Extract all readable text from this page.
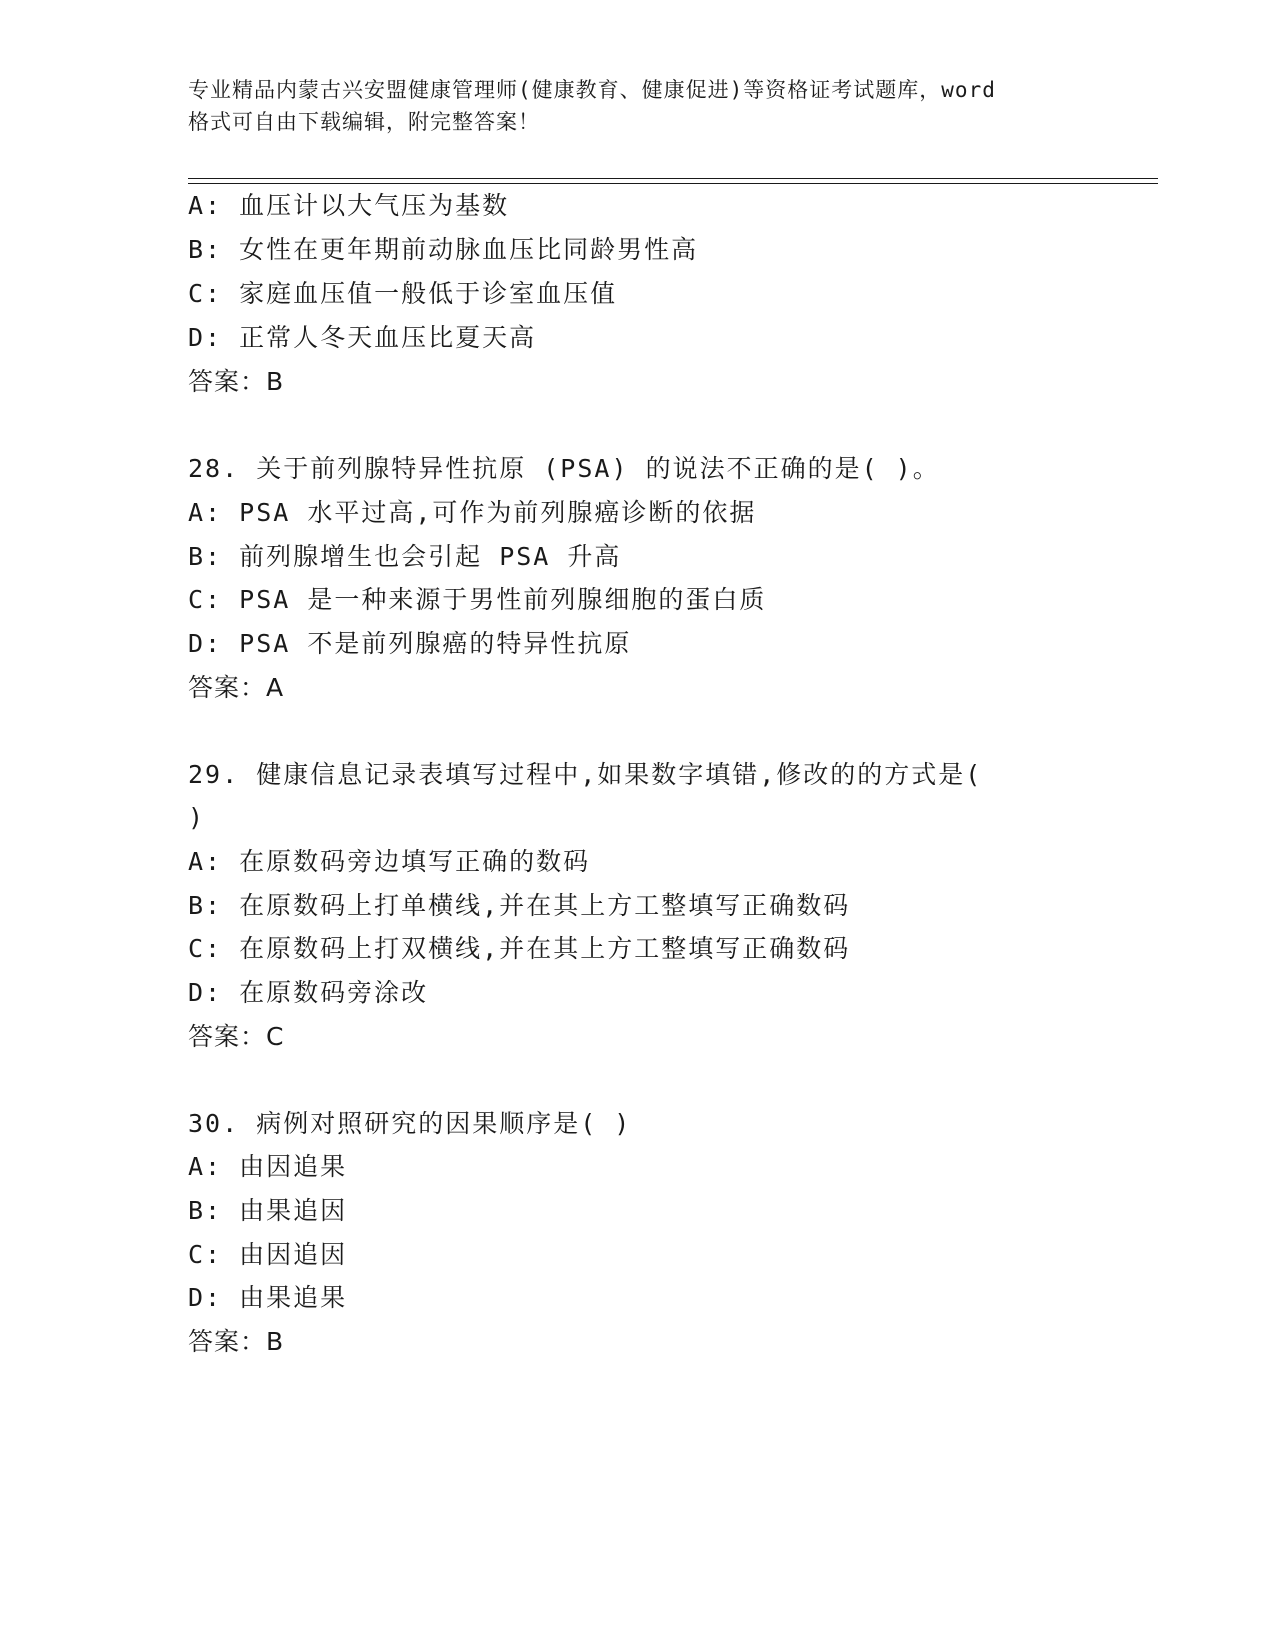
专业精品内蒙古兴安盟健康管理师(健康教育、健康促进)等资格证考试题库，word
格式可自由下载编辑，附完整答案！
A: 血压计以大气压为基数
B: 女性在更年期前动脉血压比同龄男性高
C: 家庭血压值一般低于诊室血压值
D: 正常人冬天血压比夏天高
答案：B
28. 关于前列腺特异性抗原 (PSA) 的说法不正确的是( )。
A: PSA 水平过高,可作为前列腺癌诊断的依据
B: 前列腺增生也会引起 PSA 升高
C: PSA 是一种来源于男性前列腺细胞的蛋白质
D: PSA 不是前列腺癌的特异性抗原
答案：A
29. 健康信息记录表填写过程中,如果数字填错,修改的的方式是(
)
A: 在原数码旁边填写正确的数码
B: 在原数码上打单横线,并在其上方工整填写正确数码
C: 在原数码上打双横线,并在其上方工整填写正确数码
D: 在原数码旁涂改
答案：C
30. 病例对照研究的因果顺序是( )
A: 由因追果
B: 由果追因
C: 由因追因
D: 由果追果
答案：B
